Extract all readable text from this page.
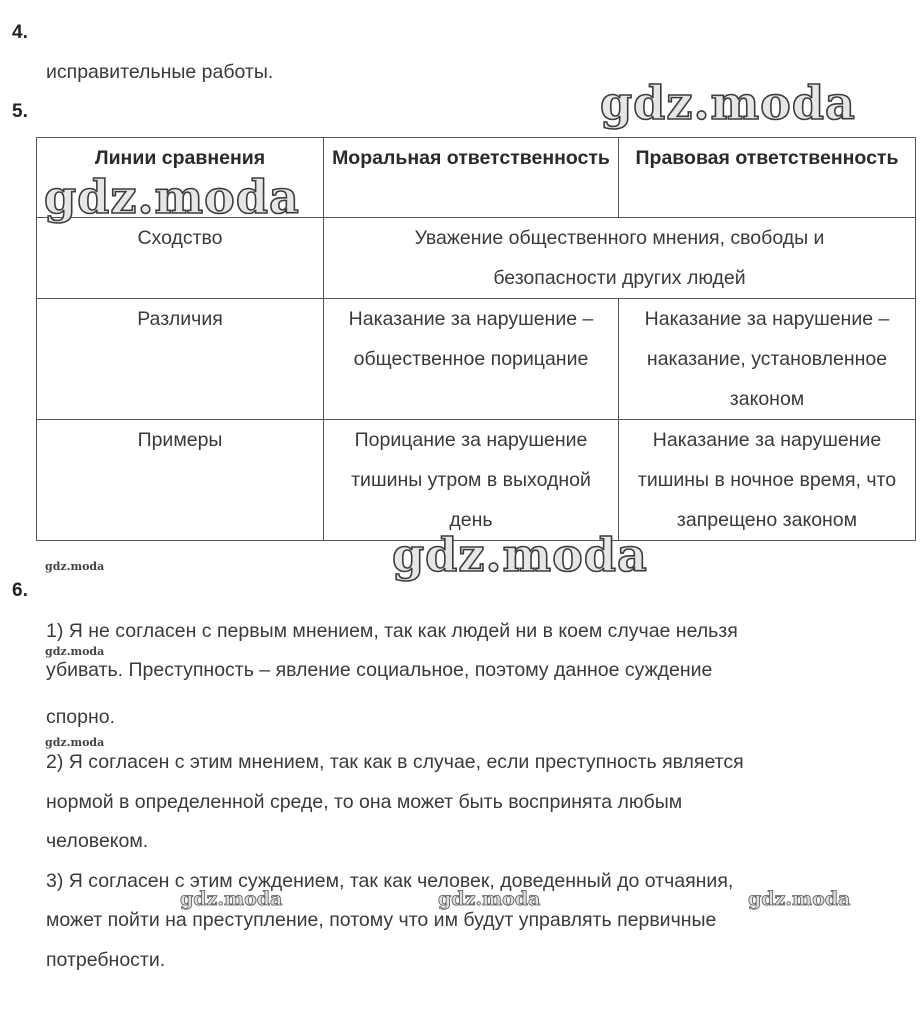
4.
исправительные работы.
5.
Линии сравнения	Моральная ответственность	Правовая ответственность
Сходство	Уважение общественного мнения, свободы и безопасности других людей	
Различия	Наказание за нарушение – общественное порицание	Наказание за нарушение – наказание, установленное законом
Примеры	Порицание за нарушение тишины утром в выходной день	Наказание за нарушение тишины в ночное время, что запрещено законом
6.
1) Я не согласен с первым мнением, так как людей ни в коем случае нельзя
убивать. Преступность – явление социальное, поэтому данное суждение
спорно.
2) Я согласен с этим мнением, так как в случае, если преступность является
нормой в определенной среде, то она может быть воспринята любым
человеком.
3) Я согласен с этим суждением, так как человек, доведенный до отчаяния,
может пойти на преступление, потому что им будут управлять первичные
потребности.
gdz.moda
gdz.moda
gdz.moda
gdz.moda
gdz.moda
gdz.moda
gdz.moda	gdz.moda	gdz.moda
